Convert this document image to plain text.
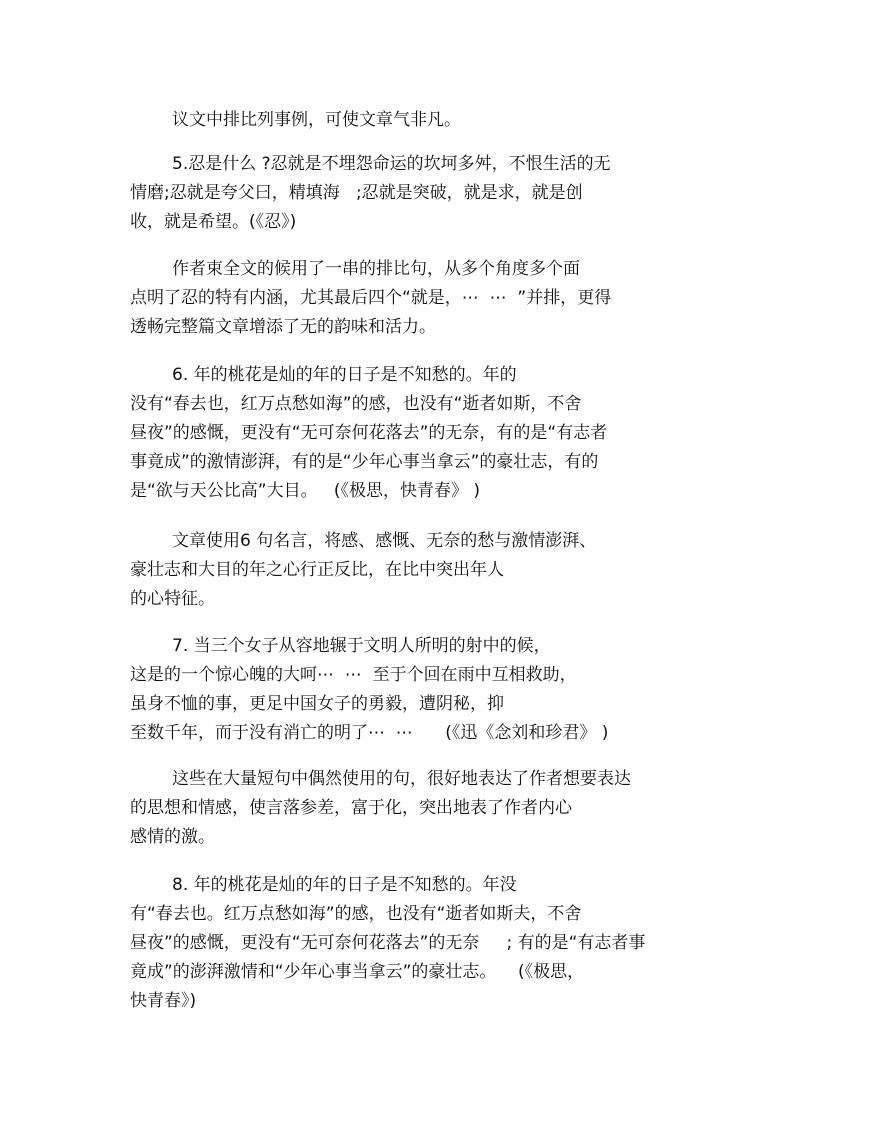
议文中排比列事例，可使文章气非凡。
5.忍是什么 ?忍就是不埋怨命运的坎坷多舛，不恨生活的无
情磨;忍就是夸父曰，精填海   ;忍就是突破，就是求，就是创
收，就是希望。(《忍》)
作者束全文的候用了一串的排比句，从多个角度多个面
点明了忍的特有内涵，尤其最后四个“就是，⋯  ⋯  ”并排，更得
透畅完整篇文章增添了无的韵味和活力。
6. 年的桃花是灿的年的日子是不知愁的。年的
没有“春去也，红万点愁如海”的感，也没有“逝者如斯，不舍
昼夜”的感慨，更没有“无可奈何花落去”的无奈，有的是“有志者
事竟成”的激情澎湃，有的是“少年心事当拿云”的豪壮志，有的
是“欲与天公比高”大目。   (《极思，快青春》 )
文章使用6 句名言，将感、感慨、无奈的愁与激情澎湃、
豪壮志和大目的年之心行正反比，在比中突出年人
的心特征。
7. 当三个女子从容地辗于文明人所明的射中的候，
这是的一个惊心魄的大呵⋯  ⋯  至于个回在雨中互相救助，
虽身不恤的事，更足中国女子的勇毅，遭阴秘，抑
至数千年，而于没有消亡的明了⋯  ⋯      (《迅《念刘和珍君》 )
这些在大量短句中偶然使用的句，很好地表达了作者想要表达
的思想和情感，使言落参差，富于化，突出地表了作者内心
感情的激。
8. 年的桃花是灿的年的日子是不知愁的。年没
有“春去也。红万点愁如海”的感，也没有“逝者如斯夫，不舍
昼夜”的感慨，更没有“无可奈何花落去”的无奈     ; 有的是“有志者事
竟成”的澎湃激情和“少年心事当拿云”的豪壮志。    (《极思，
快青春》)
